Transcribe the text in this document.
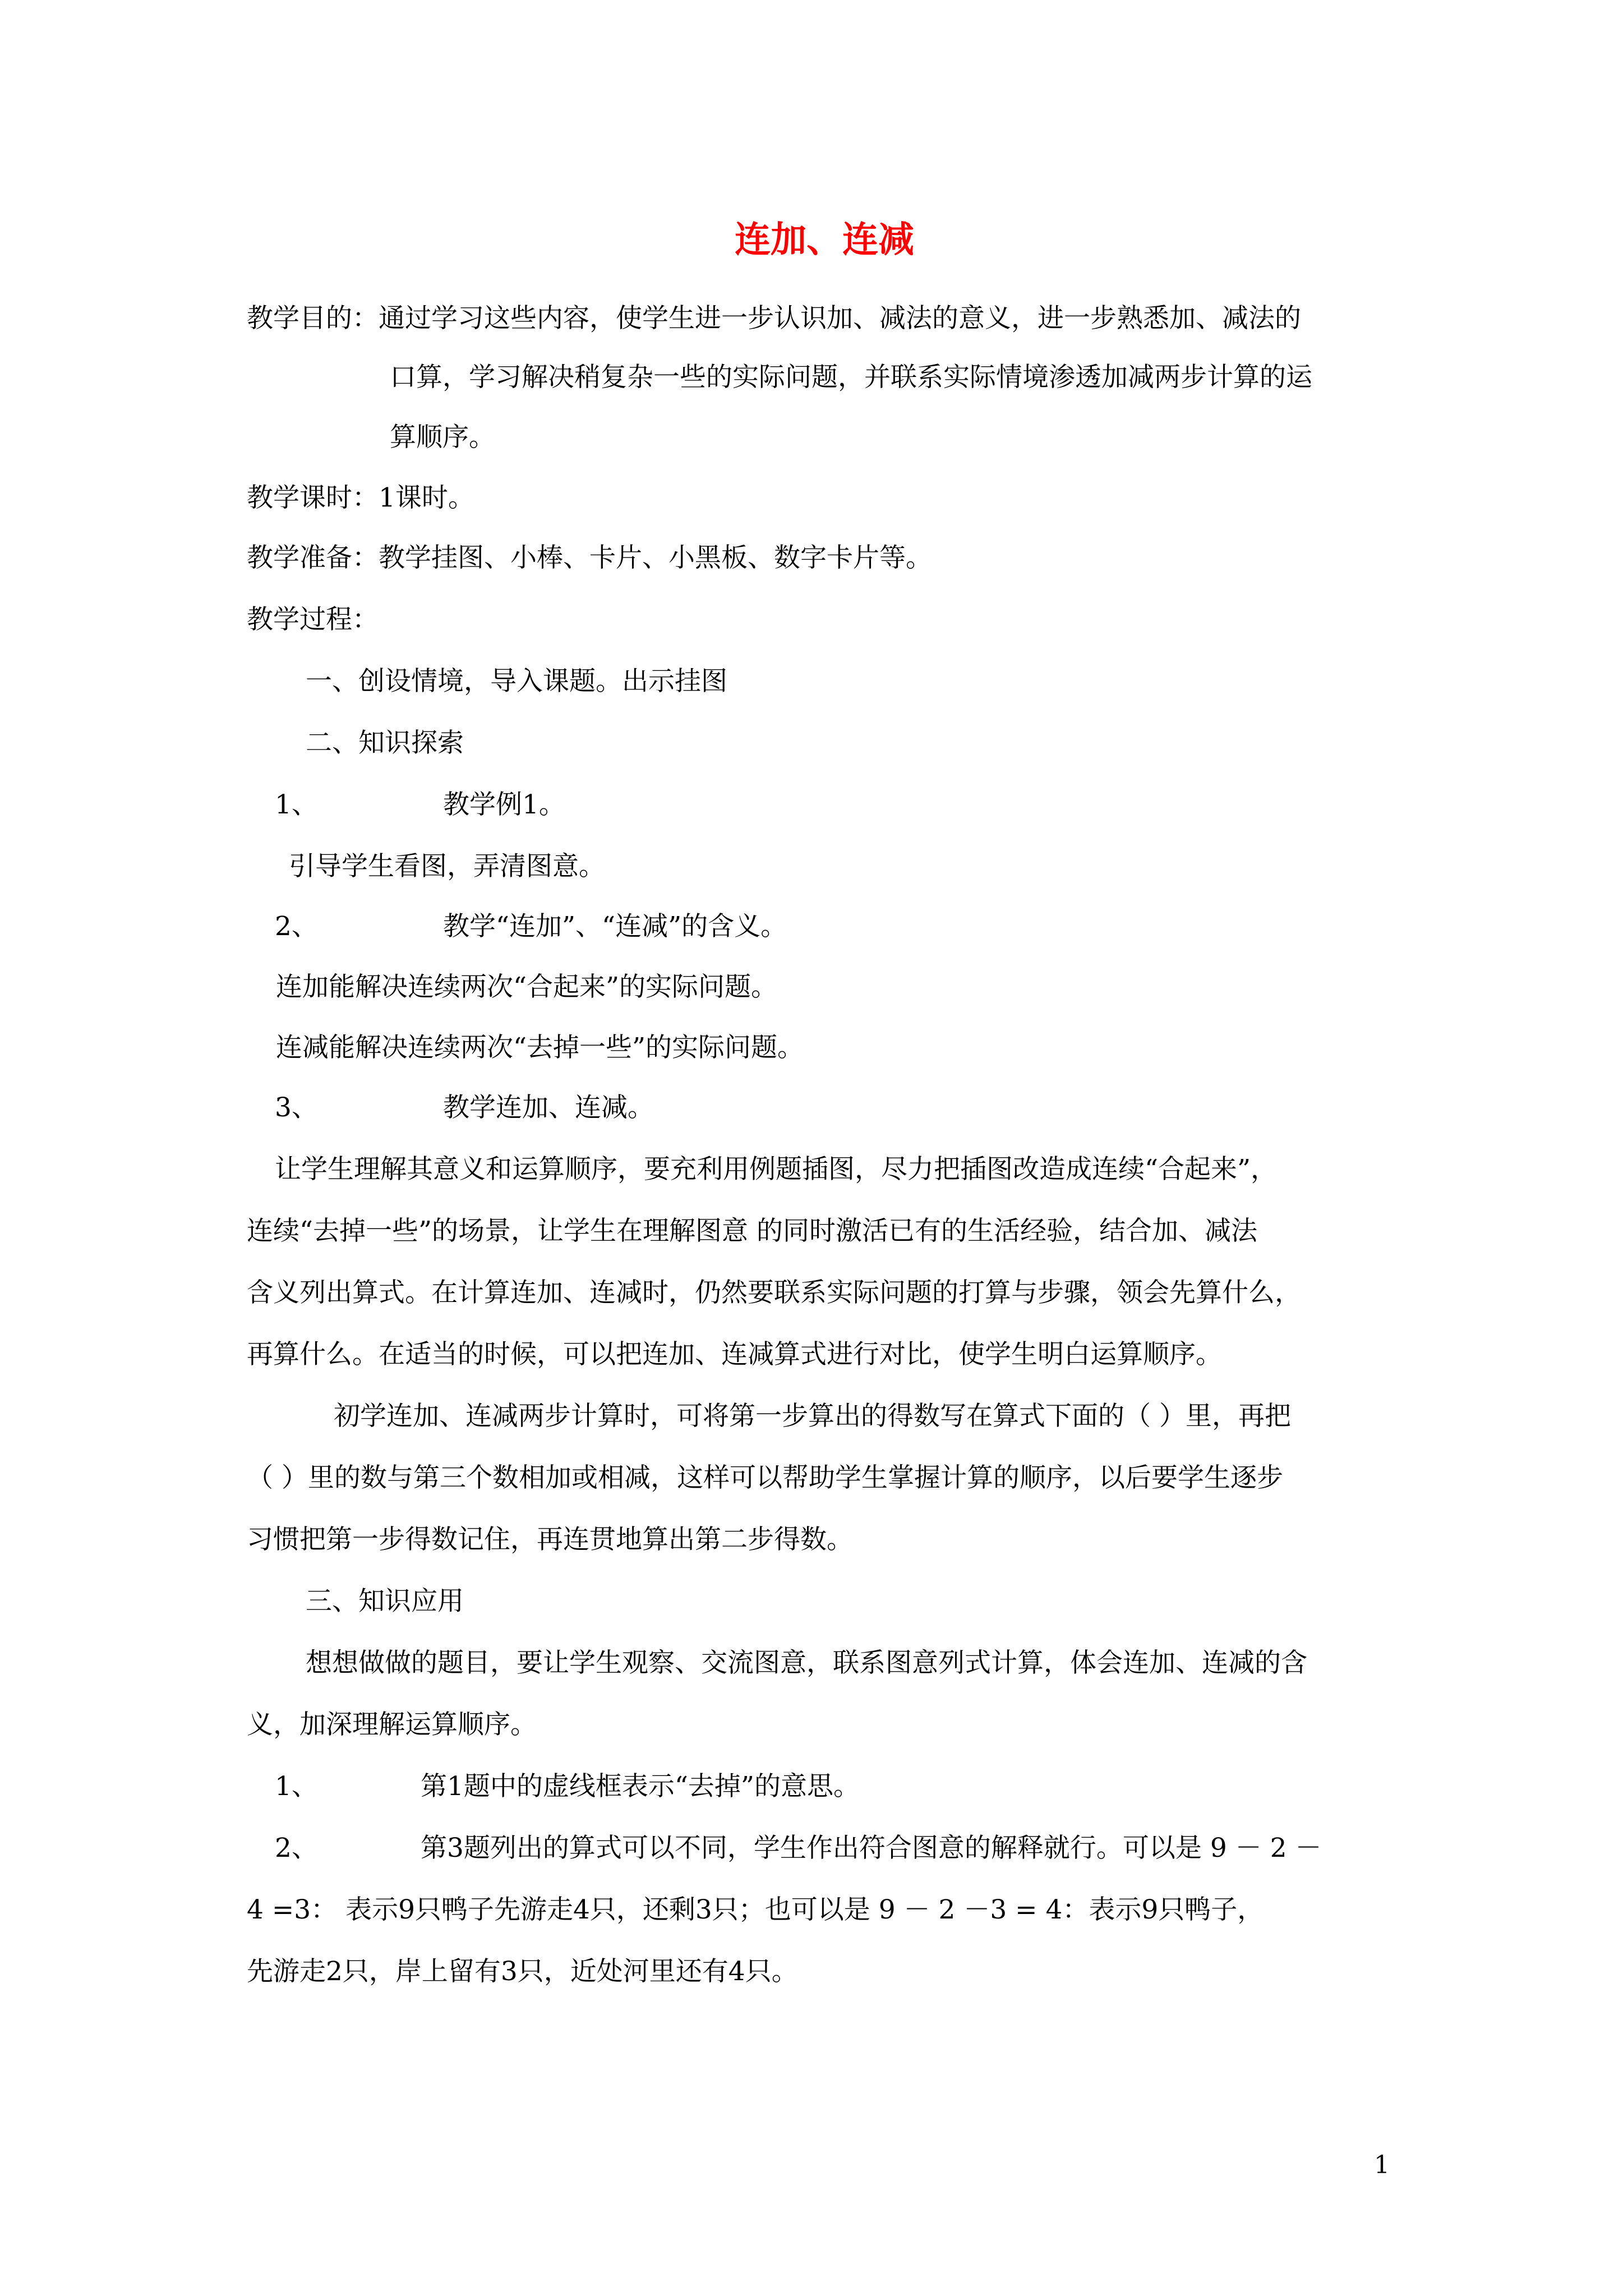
连加、连减
教学目的：通过学习这些内容，使学生进一步认识加、减法的意义，进一步熟悉加、减法的
口算，学习解决稍复杂一些的实际问题，并联系实际情境渗透加减两步计算的运
算顺序。
教学课时：1课时。
教学准备：教学挂图、小棒、卡片、小黑板、数字卡片等。
教学过程：
一、创设情境，导入课题。出示挂图
二、知识探索
1、	教学例1。
引导学生看图，弄清图意。
2、	教学“连加”、“连减”的含义。
连加能解决连续两次“合起来”的实际问题。
连减能解决连续两次“去掉一些”的实际问题。
3、	教学连加、连减。
让学生理解其意义和运算顺序，要充利用例题插图，尽力把插图改造成连续“合起来”，
连续“去掉一些”的场景，让学生在理解图意 的同时激活已有的生活经验，结合加、减法
含义列出算式。在计算连加、连减时，仍然要联系实际问题的打算与步骤，领会先算什么，
再算什么。在适当的时候，可以把连加、连减算式进行对比，使学生明白运算顺序。
初学连加、连减两步计算时，可将第一步算出的得数写在算式下面的（ ）里，再把
（ ）里的数与第三个数相加或相减，这样可以帮助学生掌握计算的顺序，以后要学生逐步
习惯把第一步得数记住，再连贯地算出第二步得数。
三、知识应用
想想做做的题目，要让学生观察、交流图意，联系图意列式计算，体会连加、连减的含
义，加深理解运算顺序。
1、	第1题中的虚线框表示“去掉”的意思。
2、	第3题列出的算式可以不同，学生作出符合图意的解释就行。可以是 9 － 2 －
4 =3： 表示9只鸭子先游走4只，还剩3只；也可以是 9 － 2 －3 = 4：表示9只鸭子，
先游走2只，岸上留有3只，近处河里还有4只。
1
